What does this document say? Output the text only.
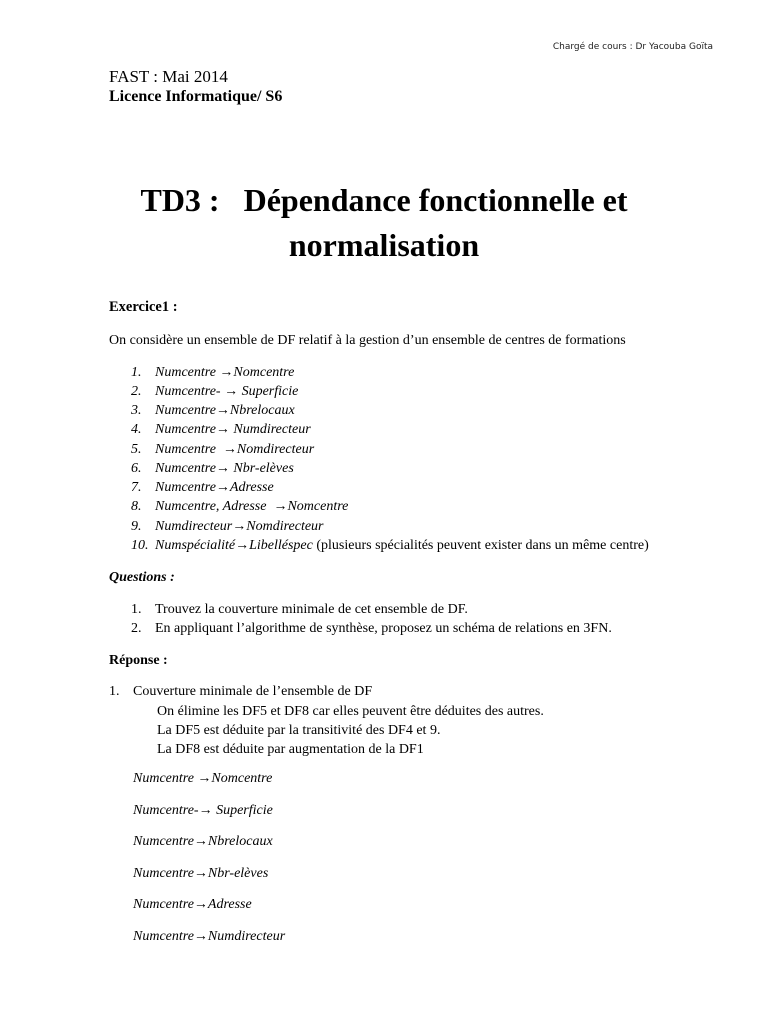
Chargé de cours : Dr Yacouba Goïta
FAST : Mai 2014
Licence Informatique/ S6
TD3 :   Dépendance fonctionnelle et
normalisation
Exercice1 :
On considère un ensemble de DF relatif à la gestion d’un ensemble de centres de formations
1. Numcentre →Nomcentre
2. Numcentre- → Superficie
3. Numcentre→Nbrelocaux
4. Numcentre→ Numdirecteur
5. Numcentre  →Nomdirecteur
6. Numcentre→ Nbr-elèves
7. Numcentre→Adresse
8. Numcentre, Adresse  →Nomcentre
9. Numdirecteur→Nomdirecteur
10. Numspécialité→Libelléspec (plusieurs spécialités peuvent exister dans un même centre)
Questions :
1. Trouvez la couverture minimale de cet ensemble de DF.
2. En appliquant l’algorithme de synthèse, proposez un schéma de relations en 3FN.
Réponse :
1. Couverture minimale de l’ensemble de DF
On élimine les DF5 et DF8 car elles peuvent être déduites des autres.
La DF5 est déduite par la transitivité des DF4 et 9.
La DF8 est déduite par augmentation de la DF1
Numcentre →Nomcentre
Numcentre-→ Superficie
Numcentre→Nbrelocaux
Numcentre→Nbr-elèves
Numcentre→Adresse
Numcentre→Numdirecteur
